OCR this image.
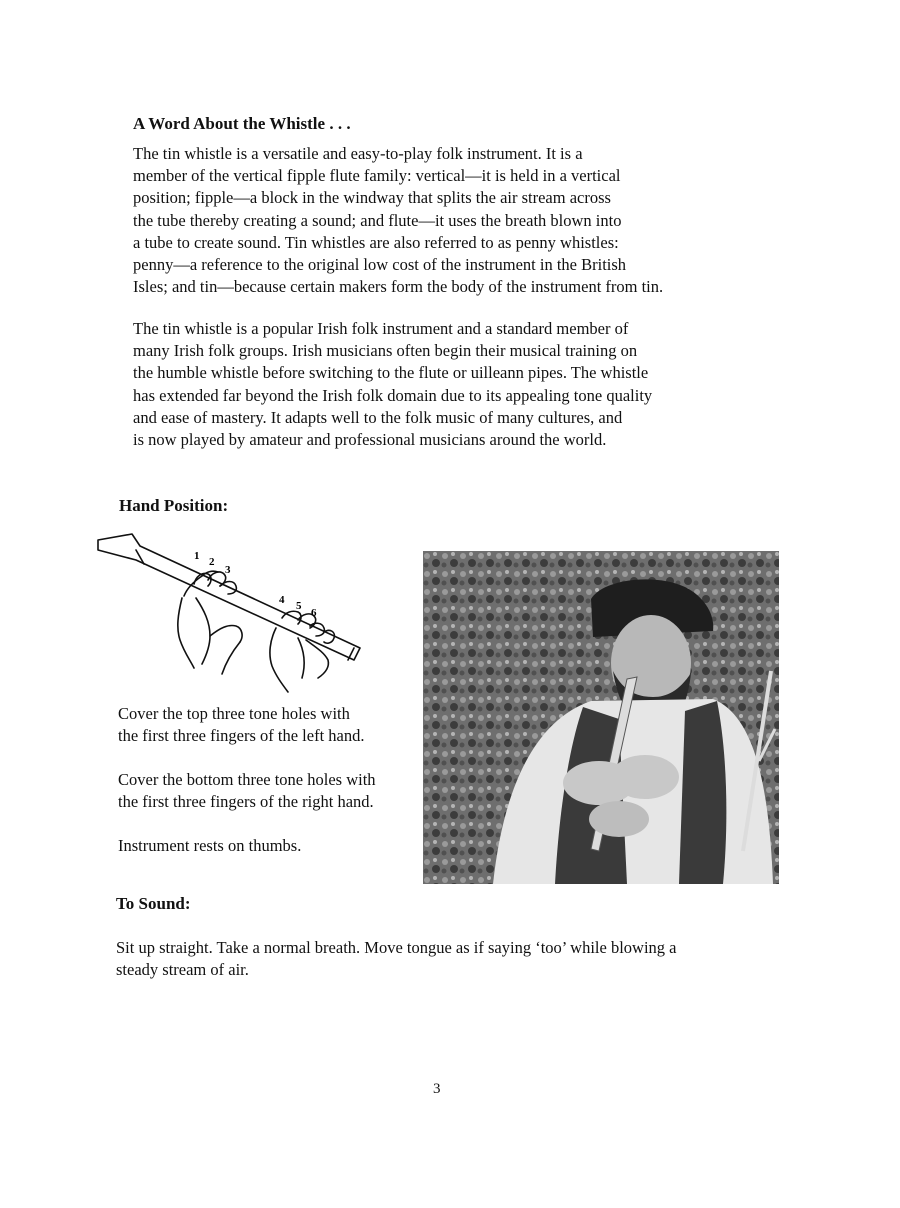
A Word About the Whistle . . .

The tin whistle is a versatile and easy-to-play folk instrument. It is a
member of the vertical fipple flute family: vertical—it is held in a vertical
position; fipple—a block in the windway that splits the air stream across
the tube thereby creating a sound; and flute—it uses the breath blown into
a tube to create sound. Tin whistles are also referred to as penny whistles:
penny—a reference to the original low cost of the instrument in the British
Isles; and tin—because certain makers form the body of the instrument from tin.

The tin whistle is a popular Irish folk instrument and a standard member of
many Irish folk groups. Irish musicians often begin their musical training on
the humble whistle before switching to the flute or uilleann pipes. The whistle
has extended far beyond the Irish folk domain due to its appealing tone quality
and ease of mastery. It adapts well to the folk music of many cultures, and
is now played by amateur and professional musicians around the world.

Hand Position:
1 2
3
4 5
6

Cover the top three tone holes with
the first three fingers of the left hand.

Cover the bottom three tone holes with
the first three fingers of the right hand.

Instrument rests on thumbs.

To Sound:

Sit up straight. Take a normal breath. Move tongue as if saying ‘too’ while blowing a
steady stream of air.

3
